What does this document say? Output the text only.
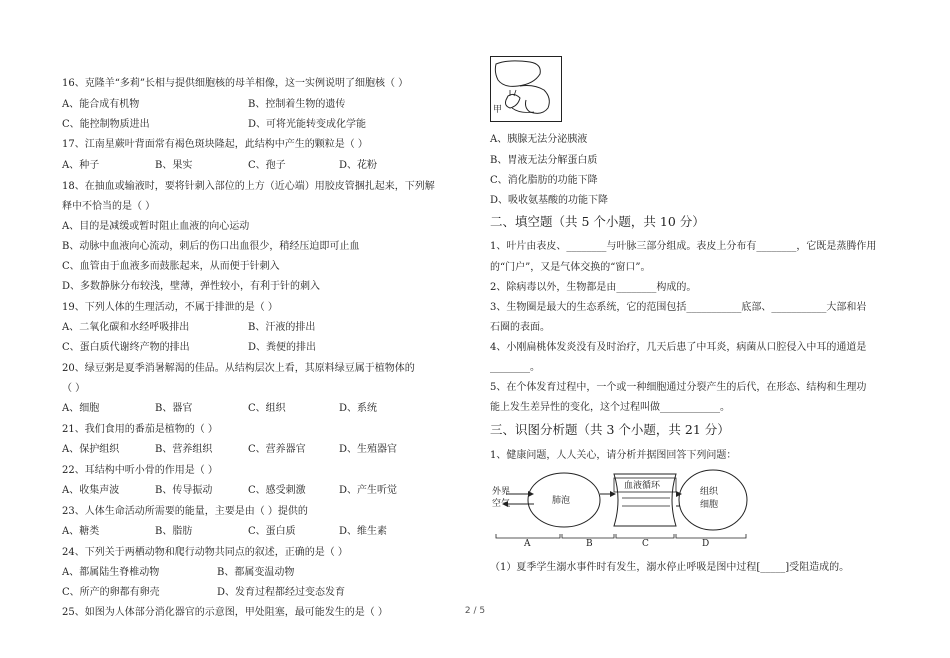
16、克隆羊“多莉”长相与提供细胞核的母羊相像，这一实例说明了细胞核（ ）
A、能合成有机物	B、控制着生物的遗传
C、能控制物质进出	D、可将光能转变成化学能
17、江南星蕨叶背面常有褐色斑块隆起，此结构中产生的颗粒是（ ）
A、种子	B、果实	C、孢子	D、花粉
18、在抽血或输液时，要将针刺入部位的上方（近心端）用胶皮管捆扎起来，下列解
释中不恰当的是（ ）
A、目的是减缓或暂时阻止血液的向心运动
B、动脉中血液向心流动，刺后的伤口出血很少，稍经压迫即可止血
C、血管由于血液多而鼓胀起来，从而便于针刺入
D、多数静脉分布较浅，壁薄，弹性较小，有利于针的刺入
19、下列人体的生理活动，不属于排泄的是（ ）
A、二氧化碳和水经呼吸排出	B、汗液的排出
C、蛋白质代谢终产物的排出	D、粪便的排出
20、绿豆粥是夏季消暑解渴的佳品。从结构层次上看，其原料绿豆属于植物体的
（ ）
A、细胞	B、器官	C、组织	D、系统
21、我们食用的番茄是植物的（ ）
A、保护组织	B、营养组织	C、营养器官	D、生殖器官
22、耳结构中听小骨的作用是（ ）
A、收集声波	B、传导振动	C、感受刺激	D、产生听觉
23、人体生命活动所需要的能量，主要是由（ ）提供的
A、糖类	B、脂肪	C、蛋白质	D、维生素
24、下列关于两栖动物和爬行动物共同点的叙述，正确的是（ ）
A、都属陆生脊椎动物	B、都属变温动物
C、所产的卵都有卵壳	D、发育过程都经过变态发育
25、如图为人体部分消化器官的示意图，甲处阻塞，最可能发生的是（ ）
甲
A、胰腺无法分泌胰液
B、胃液无法分解蛋白质
C、消化脂肪的功能下降
D、吸收氨基酸的功能下降
二、填空题（共 5 个小题，共 10 分）
1、叶片由表皮、________与叶脉三部分组成。表皮上分布有________，它既是蒸腾作用
的“门户”，又是气体交换的“窗口”。
2、除病毒以外，生物都是由________构成的。
3、生物圈是最大的生态系统，它的范围包括___________底部、___________大部和岩
石圈的表面。
4、小刚扁桃体发炎没有及时治疗，几天后患了中耳炎，病菌从口腔侵入中耳的通道是
________。
5、在个体发育过程中，一个或一种细胞通过分裂产生的后代，在形态、结构和生理功
能上发生差异性的变化，这个过程叫做____________。
三、识图分析题（共 3 个小题，共 21 分）
1、健康问题，人人关心，请分析并据图回答下列问题：
外界空气	肺泡
血液循环
组织细胞
A	B	C	D
（1）夏季学生溺水事件时有发生，溺水停止呼吸是图中过程[_____]受阻造成的。
2 / 5
